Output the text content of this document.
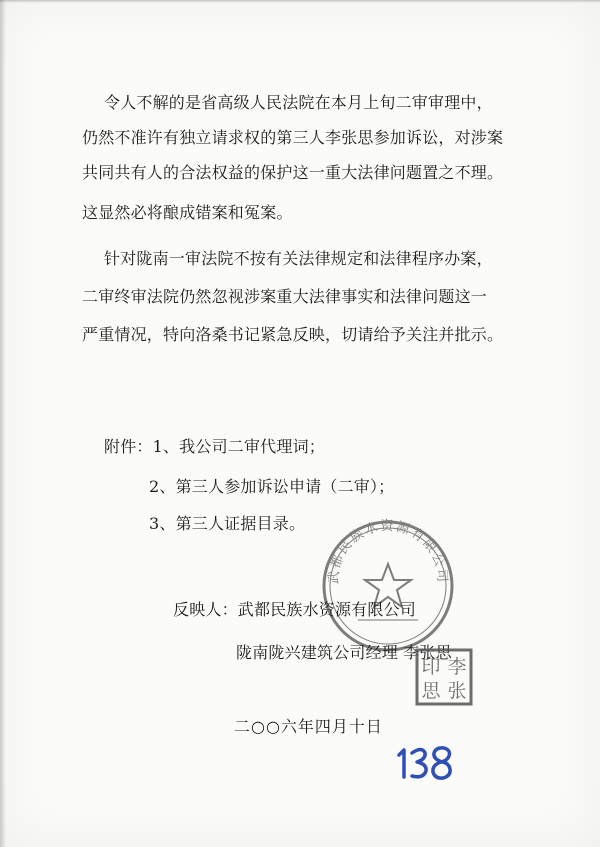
令人不解的是省高级人民法院在本月上旬二审审理中，
仍然不准许有独立请求权的第三人李张思参加诉讼，对涉案
共同共有人的合法权益的保护这一重大法律问题置之不理。
这显然必将酿成错案和冤案。
针对陇南一审法院不按有关法律规定和法律程序办案，
二审终审法院仍然忽视涉案重大法律事实和法律问题这一
严重情况，特向洛桑书记紧急反映，切请给予关注并批示。
附件：1、我公司二审代理词；
2、第三人参加诉讼申请（二审）；
3、第三人证据目录。
武都民族水资源有限公司
反映人：武都民族水资源有限公司
陇南陇兴建筑公司经理 李张思
李
张
印
思
二○○六年四月十日
